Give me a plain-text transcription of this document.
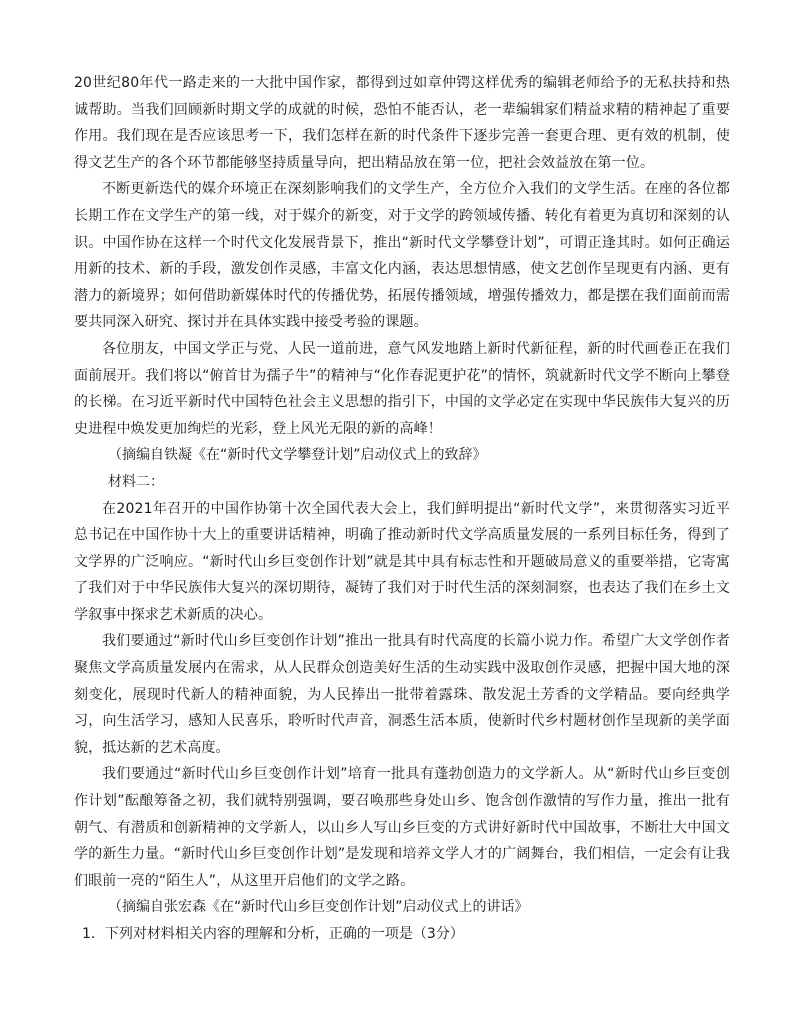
20世纪80年代一路走来的一大批中国作家，都得到过如章仲锷这样优秀的编辑老师给予的无私扶持和热诚帮助。当我们回顾新时期文学的成就的时候，恐怕不能否认，老一辈编辑家们精益求精的精神起了重要作用。我们现在是否应该思考一下，我们怎样在新的时代条件下逐步完善一套更合理、更有效的机制，使得文艺生产的各个环节都能够坚持质量导向，把出精品放在第一位，把社会效益放在第一位。

不断更新迭代的媒介环境正在深刻影响我们的文学生产，全方位介入我们的文学生活。在座的各位都长期工作在文学生产的第一线，对于媒介的新变，对于文学的跨领域传播、转化有着更为真切和深刻的认识。中国作协在这样一个时代文化发展背景下，推出“新时代文学攀登计划”，可谓正逢其时。如何正确运用新的技术、新的手段，激发创作灵感，丰富文化内涵，表达思想情感，使文艺创作呈现更有内涵、更有潜力的新境界；如何借助新媒体时代的传播优势，拓展传播领域，增强传播效力，都是摆在我们面前而需要共同深入研究、探讨并在具体实践中接受考验的课题。

各位朋友，中国文学正与党、人民一道前进，意气风发地踏上新时代新征程，新的时代画卷正在我们面前展开。我们将以“俯首甘为孺子牛”的精神与“化作春泥更护花”的情怀，筑就新时代文学不断向上攀登的长梯。在习近平新时代中国特色社会主义思想的指引下，中国的文学必定在实现中华民族伟大复兴的历史进程中焕发更加绚烂的光彩，登上风光无限的新的高峰！

（摘编自铁凝《在“新时代文学攀登计划”启动仪式上的致辞》

材料二：

在2021年召开的中国作协第十次全国代表大会上，我们鲜明提出“新时代文学”，来贯彻落实习近平总书记在中国作协十大上的重要讲话精神，明确了推动新时代文学高质量发展的一系列目标任务，得到了文学界的广泛响应。“新时代山乡巨变创作计划”就是其中具有标志性和开题破局意义的重要举措，它寄寓了我们对于中华民族伟大复兴的深切期待，凝铸了我们对于时代生活的深刻洞察，也表达了我们在乡土文学叙事中探求艺术新质的决心。

我们要通过“新时代山乡巨变创作计划”推出一批具有时代高度的长篇小说力作。希望广大文学创作者聚焦文学高质量发展内在需求，从人民群众创造美好生活的生动实践中汲取创作灵感，把握中国大地的深刻变化，展现时代新人的精神面貌，为人民捧出一批带着露珠、散发泥土芳香的文学精品。要向经典学习，向生活学习，感知人民喜乐，聆听时代声音，洞悉生活本质，使新时代乡村题材创作呈现新的美学面貌，抵达新的艺术高度。

我们要通过“新时代山乡巨变创作计划”培育一批具有蓬勃创造力的文学新人。从“新时代山乡巨变创作计划”酝酿筹备之初，我们就特别强调，要召唤那些身处山乡、饱含创作激情的写作力量，推出一批有朝气、有潜质和创新精神的文学新人，以山乡人写山乡巨变的方式讲好新时代中国故事，不断壮大中国文学的新生力量。“新时代山乡巨变创作计划”是发现和培养文学人才的广阔舞台，我们相信，一定会有让我们眼前一亮的“陌生人”，从这里开启他们的文学之路。

（摘编自张宏森《在“新时代山乡巨变创作计划”启动仪式上的讲话》

1．下列对材料相关内容的理解和分析，正确的一项是（3分）
